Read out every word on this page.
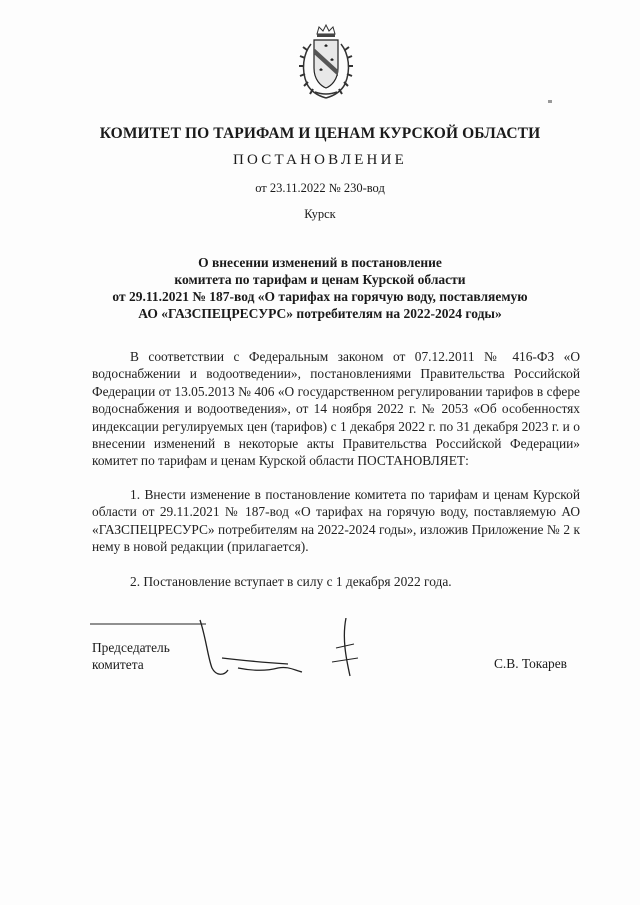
КОМИТЕТ ПО ТАРИФАМ И ЦЕНАМ КУРСКОЙ ОБЛАСТИ
ПОСТАНОВЛЕНИЕ
от 23.11.2022 № 230-вод
Курск
О внесении изменений в постановление
комитета по тарифам и ценам Курской области
от 29.11.2021 № 187-вод «О тарифах на горячую воду, поставляемую
АО «ГАЗСПЕЦРЕСУРС» потребителям на 2022-2024 годы»
В соответствии с Федеральным законом от 07.12.2011 № 416-ФЗ «О водоснабжении и водоотведении», постановлениями Правительства Российской Федерации от 13.05.2013 № 406 «О государственном регулировании тарифов в сфере водоснабжения и водоотведения», от 14 ноября 2022 г. № 2053 «Об особенностях индексации регулируемых цен (тарифов) с 1 декабря 2022 г. по 31 декабря 2023 г. и о внесении изменений в некоторые акты Правительства Российской Федерации» комитет по тарифам и ценам Курской области ПОСТАНОВЛЯЕТ:
1. Внести изменение в постановление комитета по тарифам и ценам Курской области от 29.11.2021 № 187-вод «О тарифах на горячую воду, поставляемую АО «ГАЗСПЕЦРЕСУРС» потребителям на 2022-2024 годы», изложив Приложение № 2 к нему в новой редакции (прилагается).
2. Постановление вступает в силу с 1 декабря 2022 года.
Председатель
комитета	С.В. Токарев
